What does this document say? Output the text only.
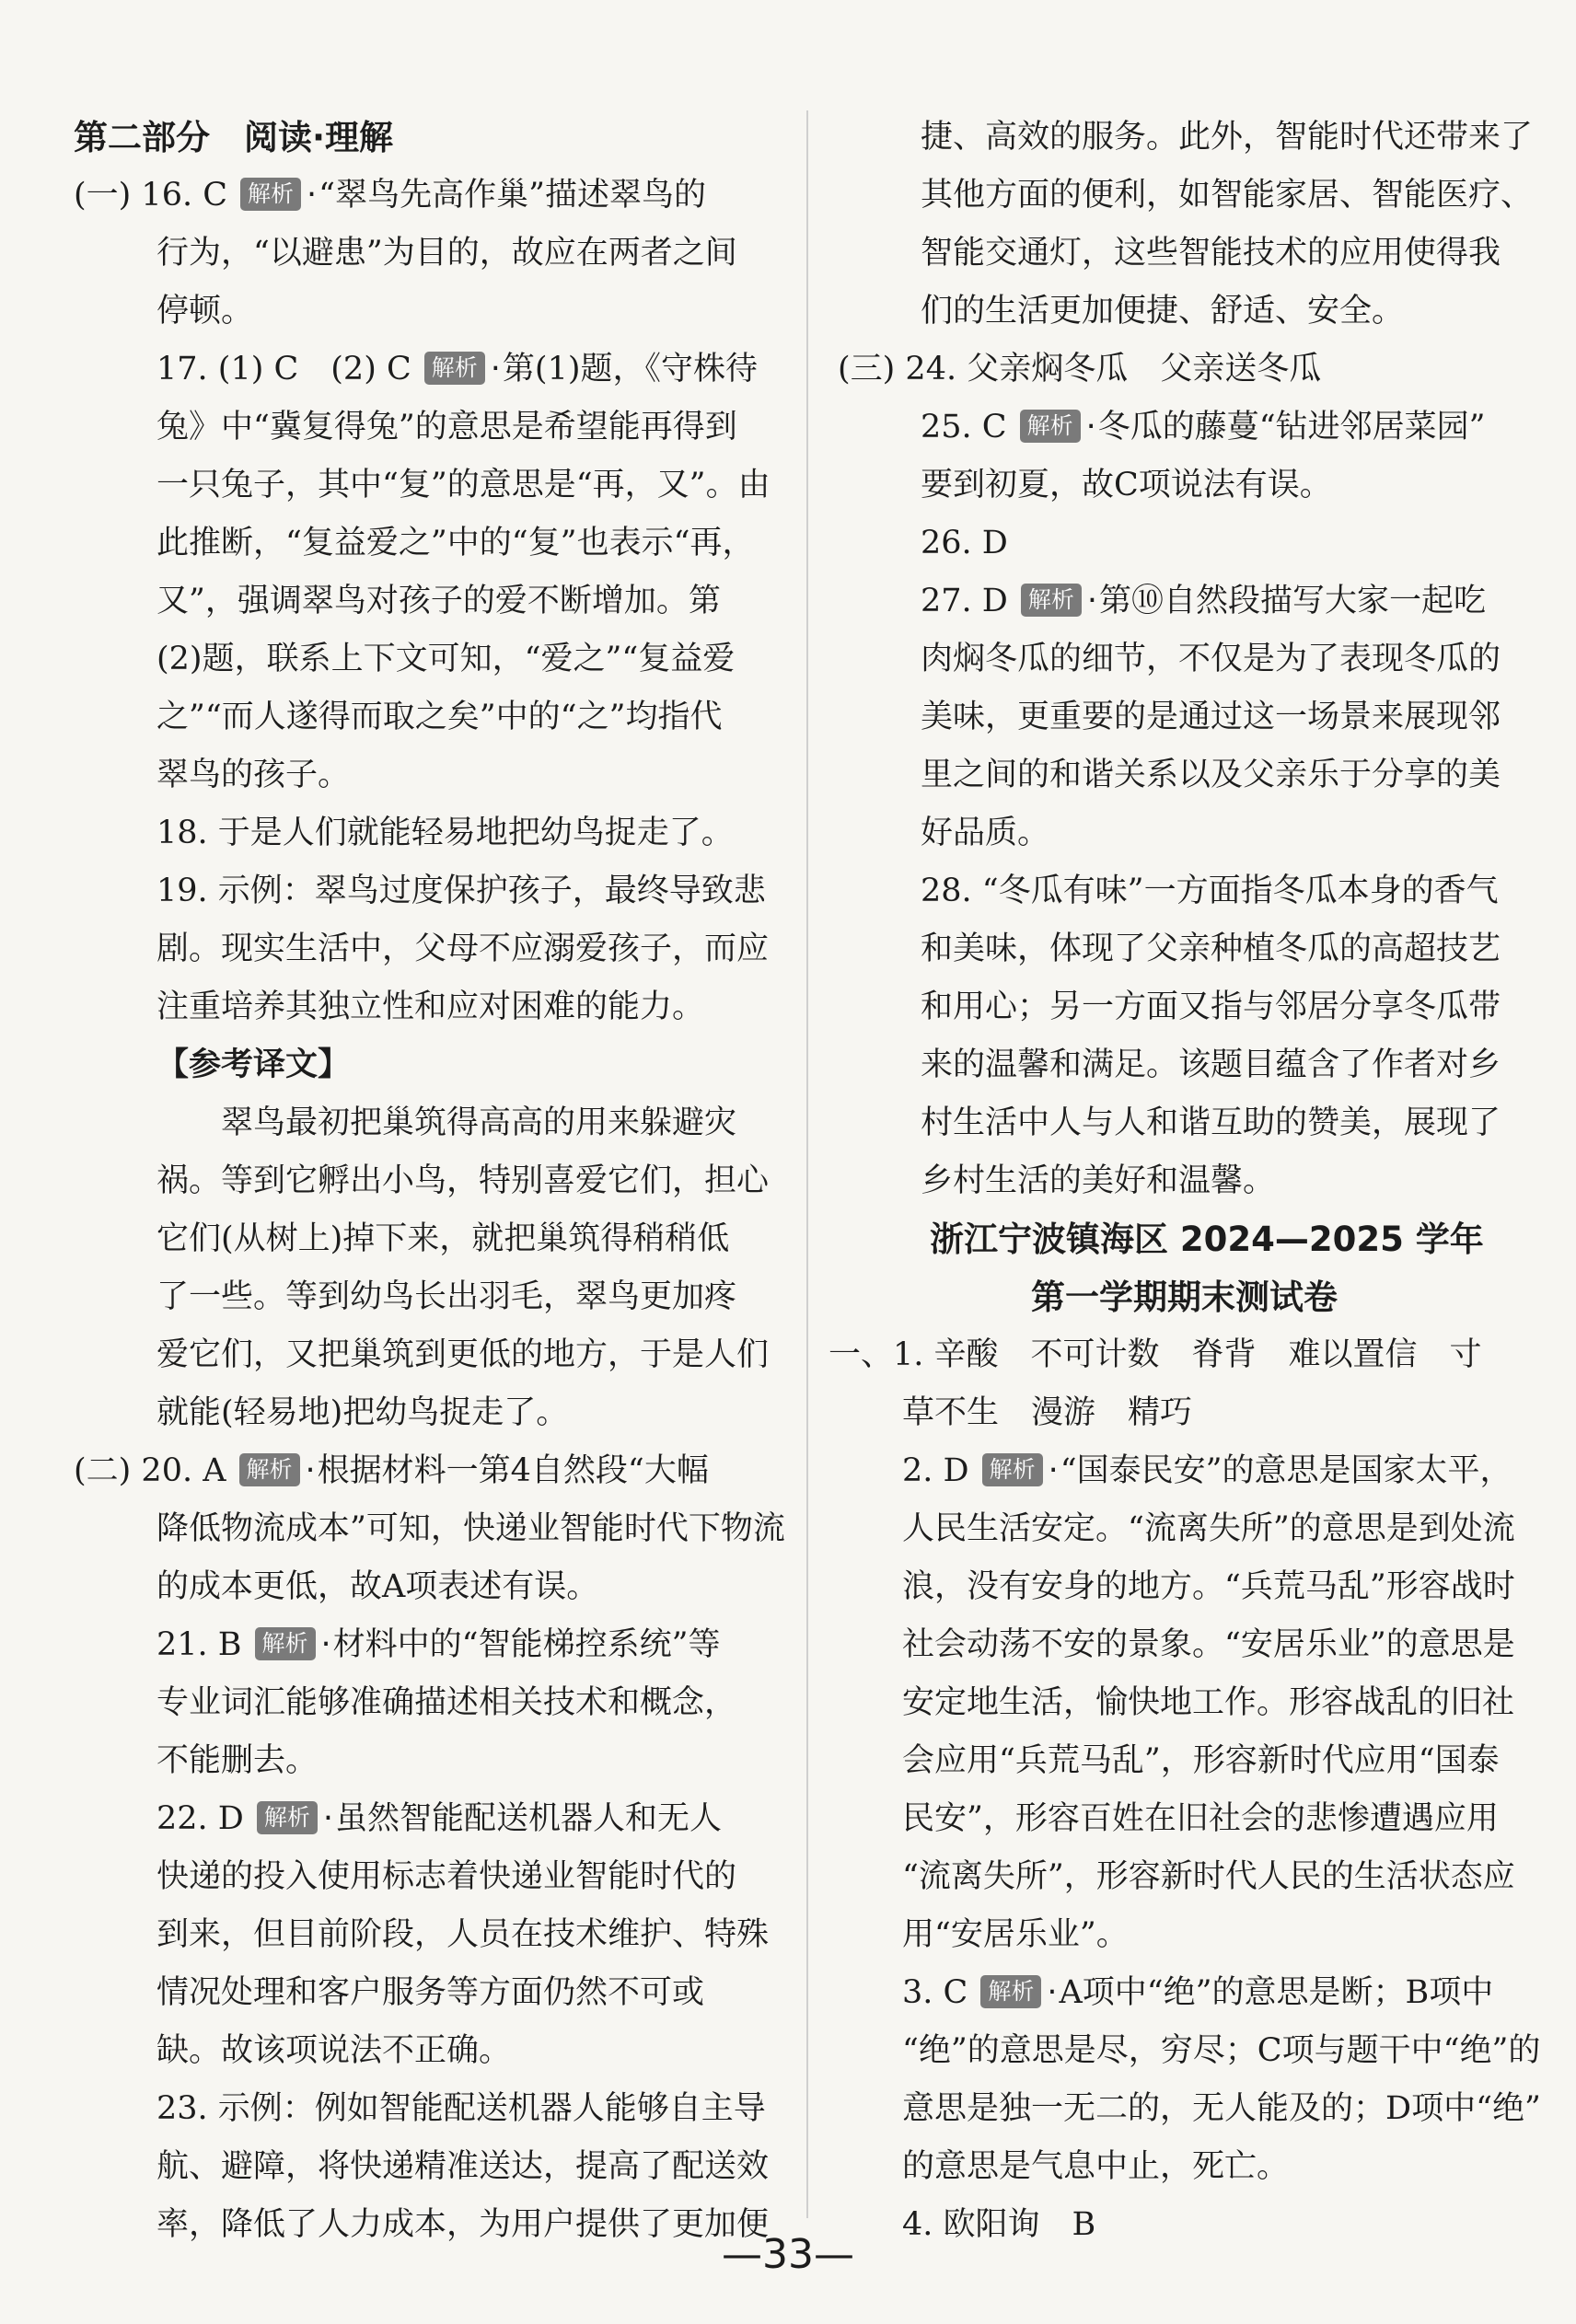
第二部分　阅读·理解
(一) 16. C 解析 ·“翠鸟先高作巢”描述翠鸟的
行为，“以避患”为目的，故应在两者之间
停顿。
17. (1) C　(2) C 解析 ·第(1)题，《守株待
兔》中“冀复得兔”的意思是希望能再得到
一只兔子，其中“复”的意思是“再，又”。由
此推断，“复益爱之”中的“复”也表示“再，
又”，强调翠鸟对孩子的爱不断增加。第
(2)题，联系上下文可知，“爱之”“复益爱
之”“而人遂得而取之矣”中的“之”均指代
翠鸟的孩子。
18. 于是人们就能轻易地把幼鸟捉走了。
19. 示例：翠鸟过度保护孩子，最终导致悲
剧。现实生活中，父母不应溺爱孩子，而应
注重培养其独立性和应对困难的能力。
【参考译文】
翠鸟最初把巢筑得高高的用来躲避灾
祸。等到它孵出小鸟，特别喜爱它们，担心
它们(从树上)掉下来，就把巢筑得稍稍低
了一些。等到幼鸟长出羽毛，翠鸟更加疼
爱它们，又把巢筑到更低的地方，于是人们
就能(轻易地)把幼鸟捉走了。
(二) 20. A 解析 ·根据材料一第4自然段“大幅
降低物流成本”可知，快递业智能时代下物流
的成本更低，故A项表述有误。
21. B 解析 ·材料中的“智能梯控系统”等
专业词汇能够准确描述相关技术和概念，
不能删去。
22. D 解析 ·虽然智能配送机器人和无人
快递的投入使用标志着快递业智能时代的
到来，但目前阶段，人员在技术维护、特殊
情况处理和客户服务等方面仍然不可或
缺。故该项说法不正确。
23. 示例：例如智能配送机器人能够自主导
航、避障，将快递精准送达，提高了配送效
率，降低了人力成本，为用户提供了更加便
捷、高效的服务。此外，智能时代还带来了
其他方面的便利，如智能家居、智能医疗、
智能交通灯，这些智能技术的应用使得我
们的生活更加便捷、舒适、安全。
(三) 24. 父亲焖冬瓜　父亲送冬瓜
25. C 解析 ·冬瓜的藤蔓“钻进邻居菜园”
要到初夏，故C项说法有误。
26. D
27. D 解析 ·第⑩自然段描写大家一起吃
肉焖冬瓜的细节，不仅是为了表现冬瓜的
美味，更重要的是通过这一场景来展现邻
里之间的和谐关系以及父亲乐于分享的美
好品质。
28. “冬瓜有味”一方面指冬瓜本身的香气
和美味，体现了父亲种植冬瓜的高超技艺
和用心；另一方面又指与邻居分享冬瓜带
来的温馨和满足。该题目蕴含了作者对乡
村生活中人与人和谐互助的赞美，展现了
乡村生活的美好和温馨。
浙江宁波镇海区 2024—2025 学年
第一学期期末测试卷
一、1. 辛酸　不可计数　脊背　难以置信　寸
草不生　漫游　精巧
2. D 解析 ·“国泰民安”的意思是国家太平，
人民生活安定。“流离失所”的意思是到处流
浪，没有安身的地方。“兵荒马乱”形容战时
社会动荡不安的景象。“安居乐业”的意思是
安定地生活，愉快地工作。形容战乱的旧社
会应用“兵荒马乱”，形容新时代应用“国泰
民安”，形容百姓在旧社会的悲惨遭遇应用
“流离失所”，形容新时代人民的生活状态应
用“安居乐业”。
3. C 解析 ·A项中“绝”的意思是断；B项中
“绝”的意思是尽，穷尽；C项与题干中“绝”的
意思是独一无二的，无人能及的；D项中“绝”
的意思是气息中止，死亡。
4. 欧阳询　B
—33—
